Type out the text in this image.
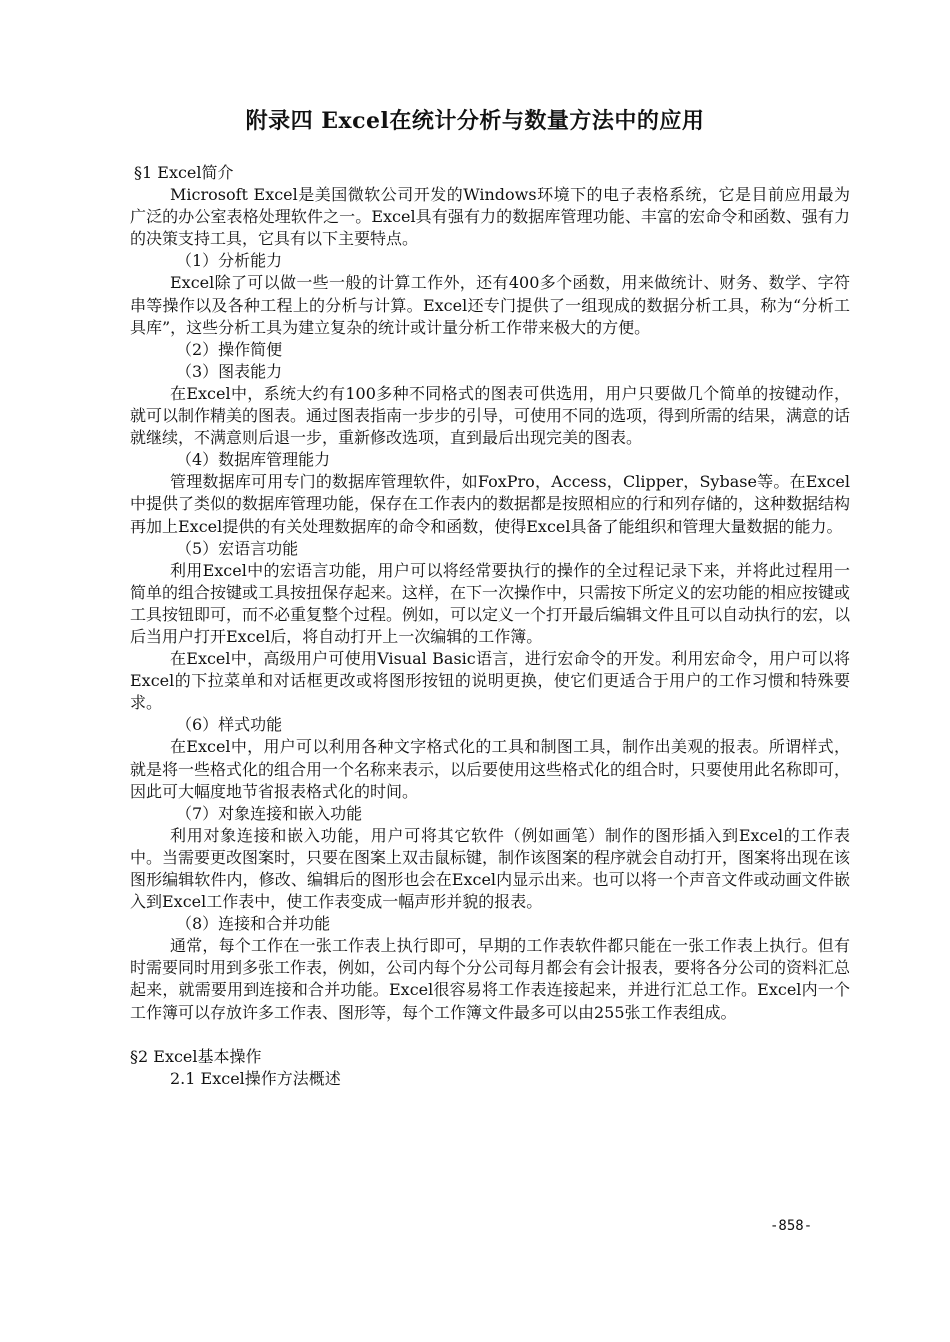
附录四 Excel在统计分析与数量方法中的应用

§1 Excel简介

Microsoft Excel是美国微软公司开发的Windows环境下的电子表格系统，它是目前应用最为广泛的办公室表格处理软件之一。Excel具有强有力的数据库管理功能、丰富的宏命令和函数、强有力的决策支持工具，它具有以下主要特点。

（1）分析能力

Excel除了可以做一些一般的计算工作外，还有400多个函数，用来做统计、财务、数学、字符串等操作以及各种工程上的分析与计算。Excel还专门提供了一组现成的数据分析工具，称为“分析工具库”，这些分析工具为建立复杂的统计或计量分析工作带来极大的方便。

（2）操作简便

（3）图表能力

在Excel中，系统大约有100多种不同格式的图表可供选用，用户只要做几个简单的按键动作，就可以制作精美的图表。通过图表指南一步步的引导，可使用不同的选项，得到所需的结果，满意的话就继续，不满意则后退一步，重新修改选项，直到最后出现完美的图表。

（4）数据库管理能力

管理数据库可用专门的数据库管理软件，如FoxPro，Access，Clipper，Sybase等。在Excel中提供了类似的数据库管理功能，保存在工作表内的数据都是按照相应的行和列存储的，这种数据结构再加上Excel提供的有关处理数据库的命令和函数，使得Excel具备了能组织和管理大量数据的能力。

（5）宏语言功能

利用Excel中的宏语言功能，用户可以将经常要执行的操作的全过程记录下来，并将此过程用一简单的组合按键或工具按扭保存起来。这样，在下一次操作中，只需按下所定义的宏功能的相应按键或工具按钮即可，而不必重复整个过程。例如，可以定义一个打开最后编辑文件且可以自动执行的宏，以后当用户打开Excel后，将自动打开上一次编辑的工作簿。

在Excel中，高级用户可使用Visual Basic语言，进行宏命令的开发。利用宏命令，用户可以将Excel的下拉菜单和对话框更改或将图形按钮的说明更换，使它们更适合于用户的工作习惯和特殊要求。

（6）样式功能

在Excel中，用户可以利用各种文字格式化的工具和制图工具，制作出美观的报表。所谓样式，就是将一些格式化的组合用一个名称来表示，以后要使用这些格式化的组合时，只要使用此名称即可，因此可大幅度地节省报表格式化的时间。

（7）对象连接和嵌入功能

利用对象连接和嵌入功能，用户可将其它软件（例如画笔）制作的图形插入到Excel的工作表中。当需要更改图案时，只要在图案上双击鼠标键，制作该图案的程序就会自动打开，图案将出现在该图形编辑软件内，修改、编辑后的图形也会在Excel内显示出来。也可以将一个声音文件或动画文件嵌入到Excel工作表中，使工作表变成一幅声形并貌的报表。

（8）连接和合并功能

通常，每个工作在一张工作表上执行即可，早期的工作表软件都只能在一张工作表上执行。但有时需要同时用到多张工作表，例如，公司内每个分公司每月都会有会计报表，要将各分公司的资料汇总起来，就需要用到连接和合并功能。Excel很容易将工作表连接起来，并进行汇总工作。Excel内一个工作簿可以存放许多工作表、图形等，每个工作簿文件最多可以由255张工作表组成。

§2 Excel基本操作

2.1 Excel操作方法概述

-858-
